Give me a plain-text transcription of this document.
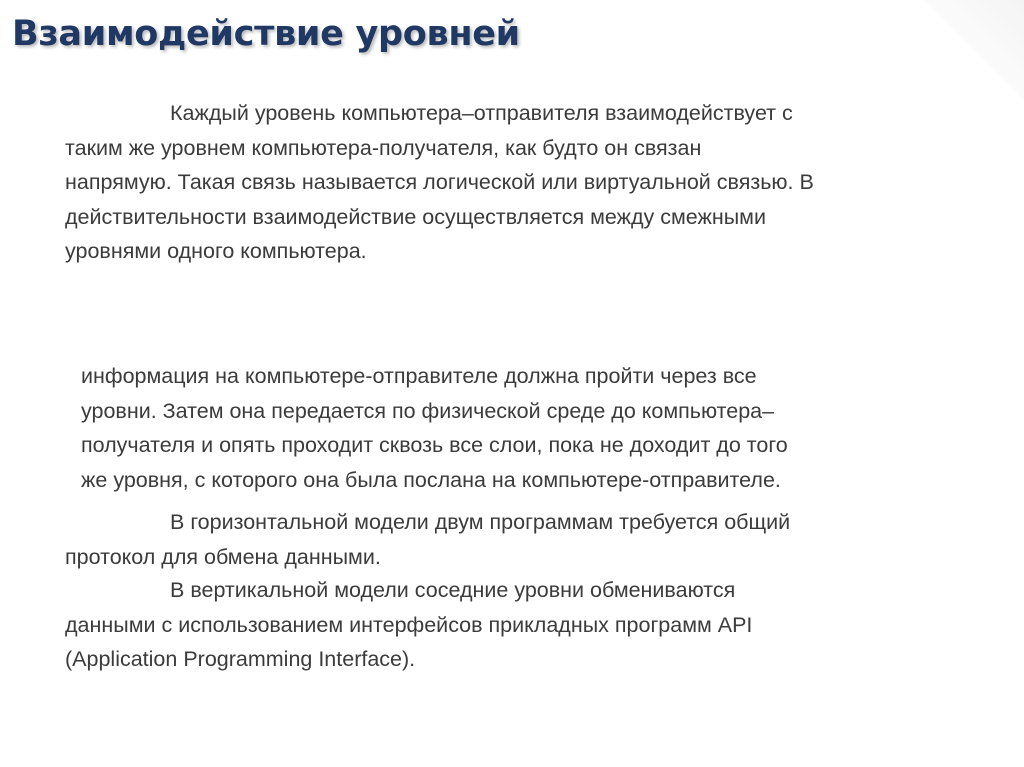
Взаимодействие уровней

Каждый уровень компьютера–отправителя взаимодействует с
таким же уровнем компьютера-получателя, как будто он связан
напрямую. Такая связь называется логической или виртуальной связью. В
действительности взаимодействие осуществляется между смежными
уровнями одного компьютера.

информация на компьютере-отправителе должна пройти через все
уровни. Затем она передается по физической среде до компьютера–
получателя и опять проходит сквозь все слои, пока не доходит до того
же уровня, с которого она была послана на компьютере-отправителе.

В горизонтальной модели двум программам требуется общий
протокол для обмена данными.

В вертикальной модели соседние уровни обмениваются
данными с использованием интерфейсов прикладных программ API
(Application Programming Interface).
